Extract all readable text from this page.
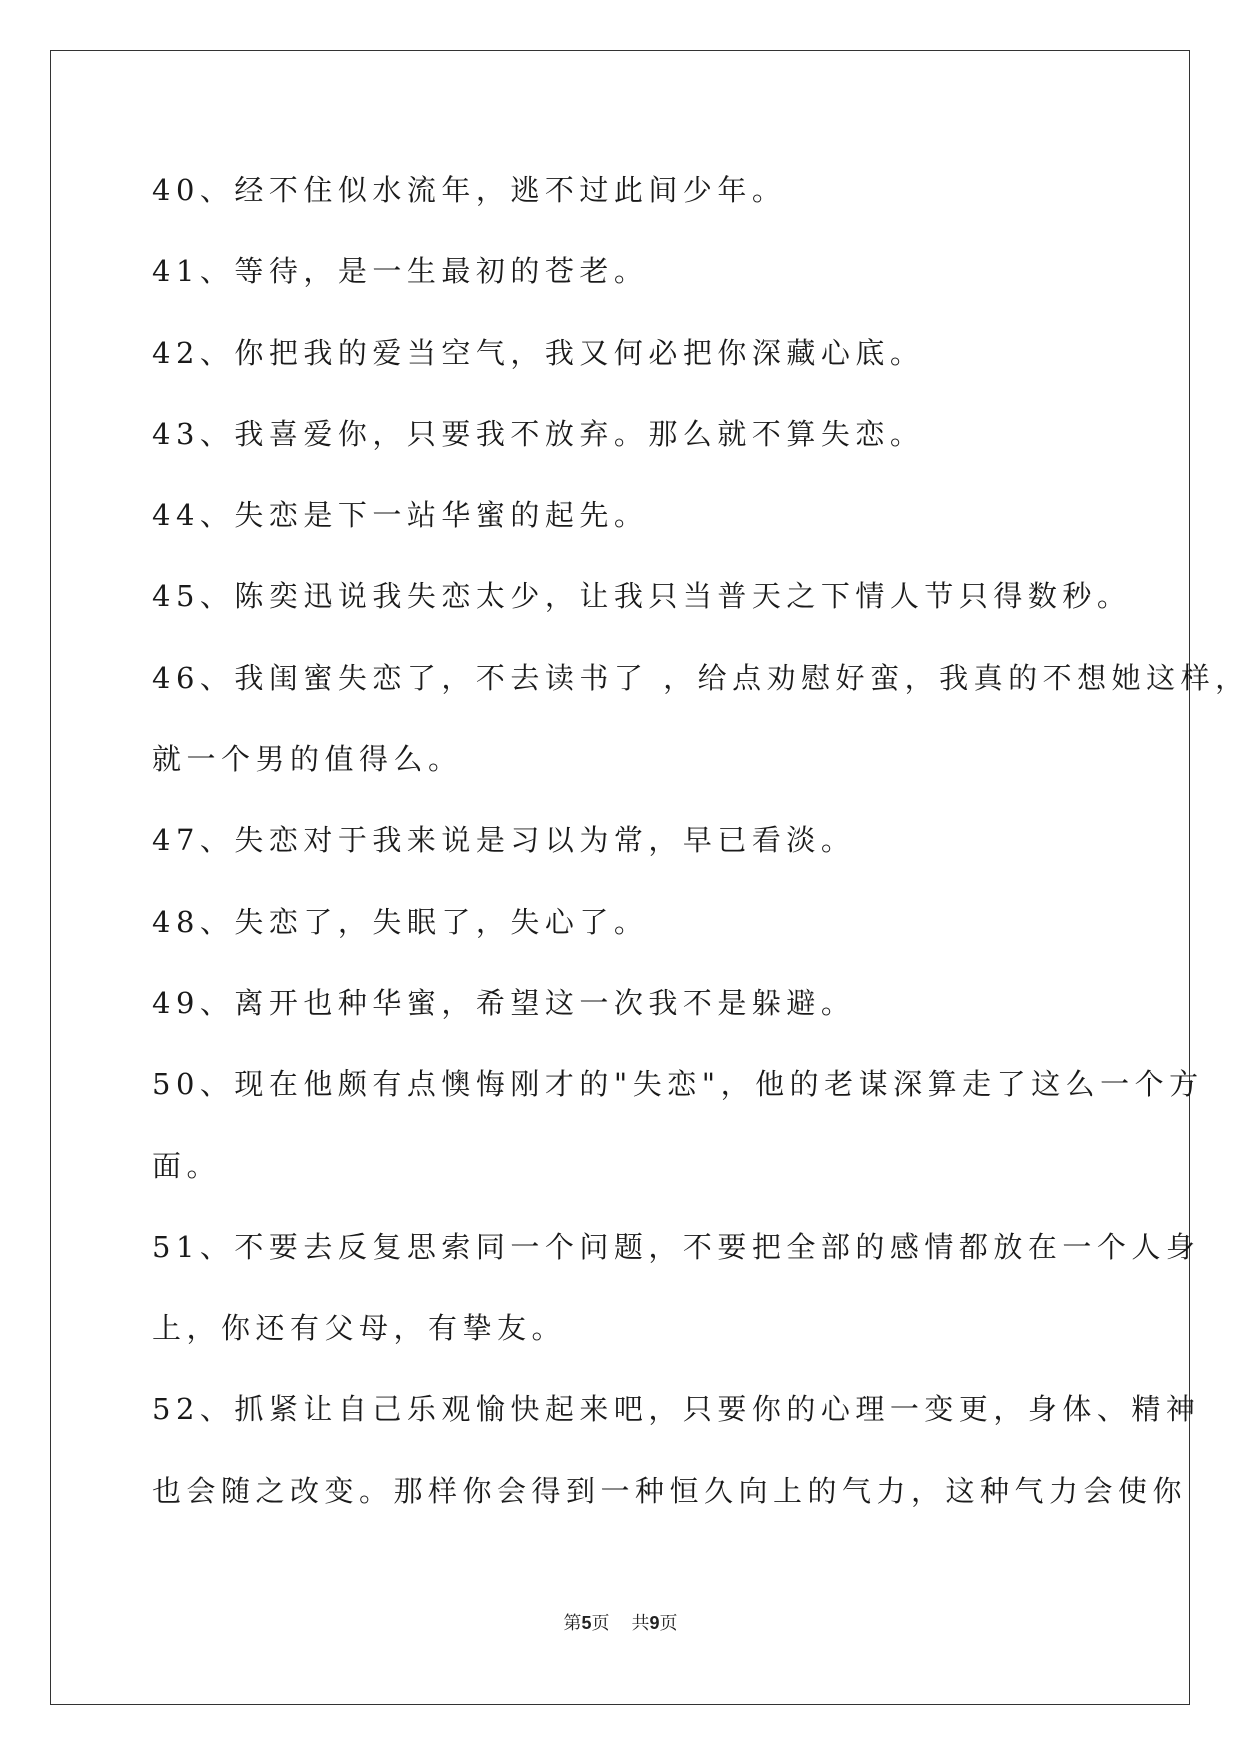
40、经不住似水流年，逃不过此间少年。
41、等待，是一生最初的苍老。
42、你把我的爱当空气，我又何必把你深藏心底。
43、我喜爱你，只要我不放弃。那么就不算失恋。
44、失恋是下一站华蜜的起先。
45、陈奕迅说我失恋太少，让我只当普天之下情人节只得数秒。
46、我闺蜜失恋了，不去读书了 ，给点劝慰好蛮，我真的不想她这样，
就一个男的值得么。
47、失恋对于我来说是习以为常，早已看淡。
48、失恋了，失眠了，失心了。
49、离开也种华蜜，希望这一次我不是躲避。
50、现在他颇有点懊悔刚才的"失恋"，他的老谋深算走了这么一个方
面。
51、不要去反复思索同一个问题，不要把全部的感情都放在一个人身
上，你还有父母，有挚友。
52、抓紧让自己乐观愉快起来吧，只要你的心理一变更，身体、精神
也会随之改变。那样你会得到一种恒久向上的气力，这种气力会使你
第5页 共9页
